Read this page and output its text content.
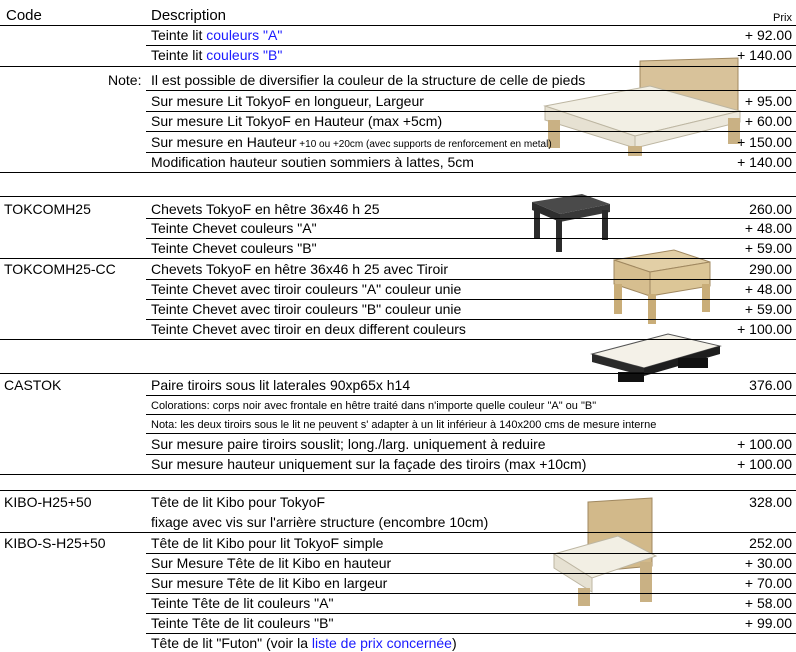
Code	Description	Prix
Teinte lit couleurs "A"	+ 92.00
Teinte lit couleurs "B"	+ 140.00
Note: Il est possible de diversifier la couleur de la structure de celle de pieds
Sur mesure Lit TokyoF en longueur, Largeur	+ 95.00
Sur mesure Lit TokyoF en Hauteur (max +5cm)	+ 60.00
Sur mesure en Hauteur +10 ou +20cm (avec supports de renforcement en metal)	+ 150.00
Modification hauteur soutien sommiers à lattes, 5cm	+ 140.00
TOKCOMH25	Chevets TokyoF en hêtre 36x46 h 25	260.00
Teinte Chevet couleurs "A"	+ 48.00
Teinte Chevet couleurs "B"	+ 59.00
TOKCOMH25-CC	Chevets TokyoF en hêtre 36x46 h 25 avec Tiroir	290.00
Teinte Chevet avec tiroir couleurs "A" couleur unie	+ 48.00
Teinte Chevet avec tiroir couleurs "B" couleur unie	+ 59.00
Teinte Chevet avec tiroir en deux different couleurs	+ 100.00
CASTOK	Paire tiroirs sous lit laterales 90xp65x h14	376.00
Colorations: corps noir avec frontale en hêtre traité dans n'importe quelle couleur "A" ou "B"
Nota: les deux tiroirs sous le lit ne peuvent s' adapter à un lit inférieur à 140x200 cms de mesure interne
Sur mesure paire tiroirs souslit; long./larg. uniquement à reduire	+ 100.00
Sur mesure hauteur uniquement sur la façade des tiroirs (max +10cm)	+ 100.00
KIBO-H25+50	Tête de lit Kibo pour TokyoF	328.00
fixage avec vis sur l'arrière structure (encombre 10cm)
KIBO-S-H25+50	Tête de lit Kibo pour lit TokyoF simple	252.00
Sur Mesure Tête de lit Kibo en hauteur	+ 30.00
Sur mesure Tête de lit Kibo en largeur	+ 70.00
Teinte Tête de lit couleurs "A"	+ 58.00
Teinte Tête de lit couleurs "B"	+ 99.00
Tête de lit "Futon" (voir la liste de prix concernée)
